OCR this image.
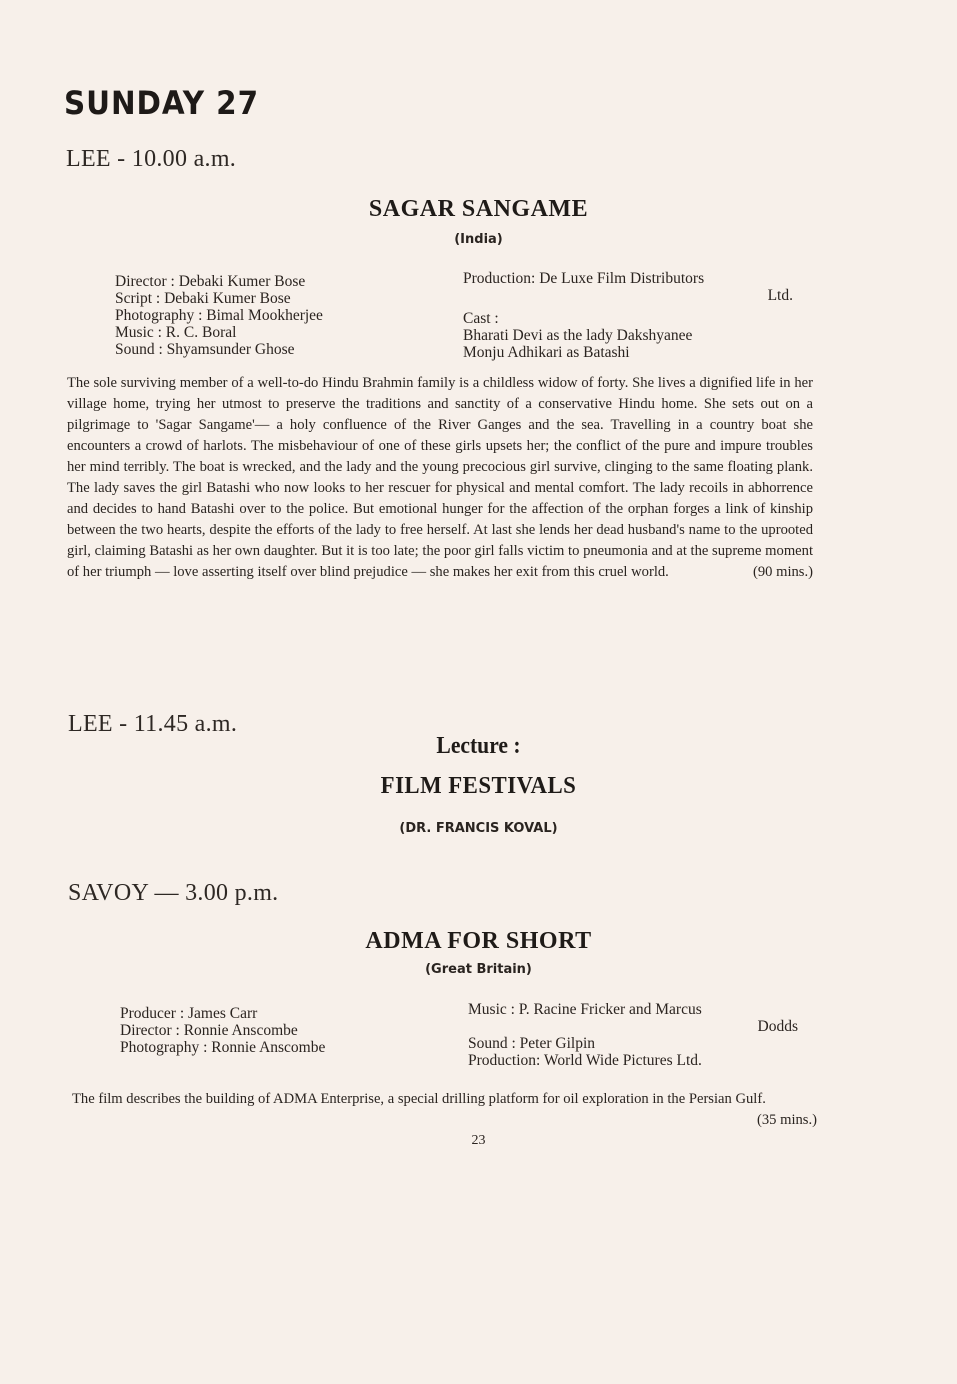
SUNDAY 27
LEE - 10.00 a.m.
SAGAR SANGAME
(India)
Director : Debaki Kumer Bose
Script : Debaki Kumer Bose
Photography : Bimal Mookherjee
Music : R. C. Boral
Sound : Shyamsunder Ghose
Production: De Luxe Film Distributors
Ltd.
Cast :
Bharati Devi as the lady Dakshyanee
Monju Adhikari as Batashi
The sole surviving member of a well-to-do Hindu Brahmin family is a childless widow of forty. She lives a dignified life in her village home, trying her utmost to preserve the traditions and sanctity of a conservative Hindu home. She sets out on a pilgrimage to 'Sagar Sangame'— a holy confluence of the River Ganges and the sea. Travelling in a country boat she encounters a crowd of harlots. The misbehaviour of one of these girls upsets her; the conflict of the pure and impure troubles her mind terribly. The boat is wrecked, and the lady and the young precocious girl survive, clinging to the same floating plank. The lady saves the girl Batashi who now looks to her rescuer for physical and mental comfort. The lady recoils in abhorrence and decides to hand Batashi over to the police. But emotional hunger for the affection of the orphan forges a link of kinship between the two hearts, despite the efforts of the lady to free herself. At last she lends her dead husband's name to the uprooted girl, claiming Batashi as her own daughter. But it is too late; the poor girl falls victim to pneumonia and at the supreme moment of her triumph — love asserting itself over blind prejudice — she makes her exit from this cruel world.	(90 mins.)
LEE - 11.45 a.m.
Lecture :
FILM FESTIVALS
(DR. FRANCIS KOVAL)
SAVOY — 3.00 p.m.
ADMA FOR SHORT
(Great Britain)
Producer : James Carr
Director : Ronnie Anscombe
Photography : Ronnie Anscombe
Music : P. Racine Fricker and Marcus
Dodds
Sound : Peter Gilpin
Production: World Wide Pictures Ltd.
The film describes the building of ADMA Enterprise, a special drilling platform for oil exploration in the Persian Gulf.
(35 mins.)
23
